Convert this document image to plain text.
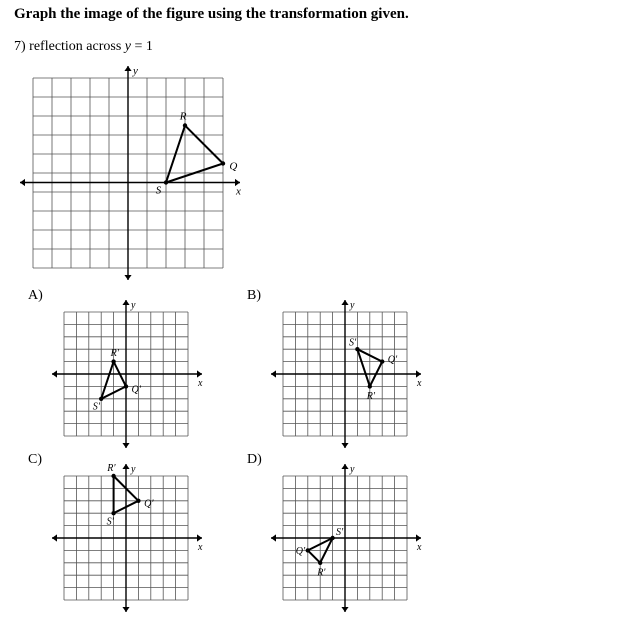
Graph the image of the figure using the transformation given.
7) reflection across y = 1
x
y
R
Q
S
A)
x
y
R'
Q'
S'
B)
x
y
S'
Q'
R'
C)
x
y
R'
Q'
S'
D)
x
y
S'
Q'
R'
